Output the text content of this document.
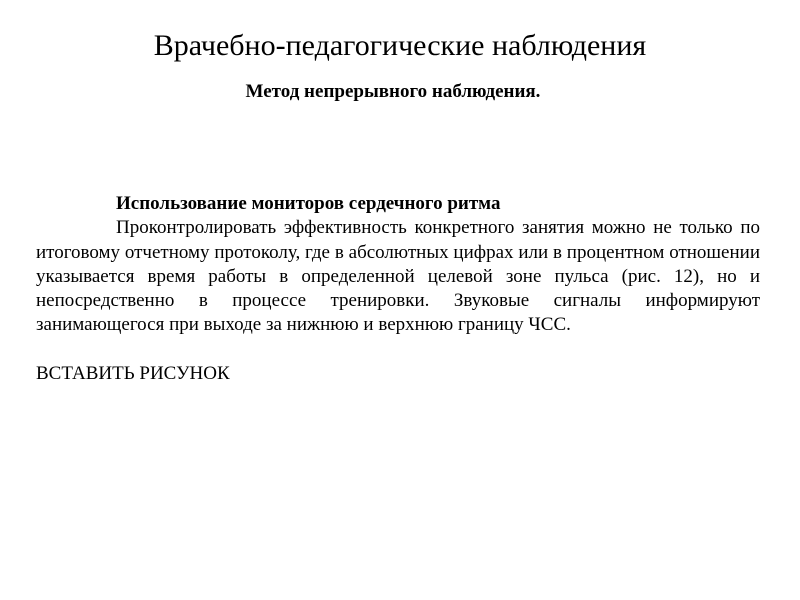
Врачебно-педагогические наблюдения
Метод непрерывного наблюдения.

Использование мониторов сердечного ритма

Проконтролировать эффективность конкретного занятия можно не только по итоговому отчетному протоколу, где в абсолютных цифрах или в процентном отношении указывается время работы в определенной целевой зоне пульса (рис. 12), но и непосредственно в процессе тренировки. Звуковые сигналы информируют занимающегося при выходе за нижнюю и верхнюю границу ЧСС.

ВСТАВИТЬ РИСУНОК
